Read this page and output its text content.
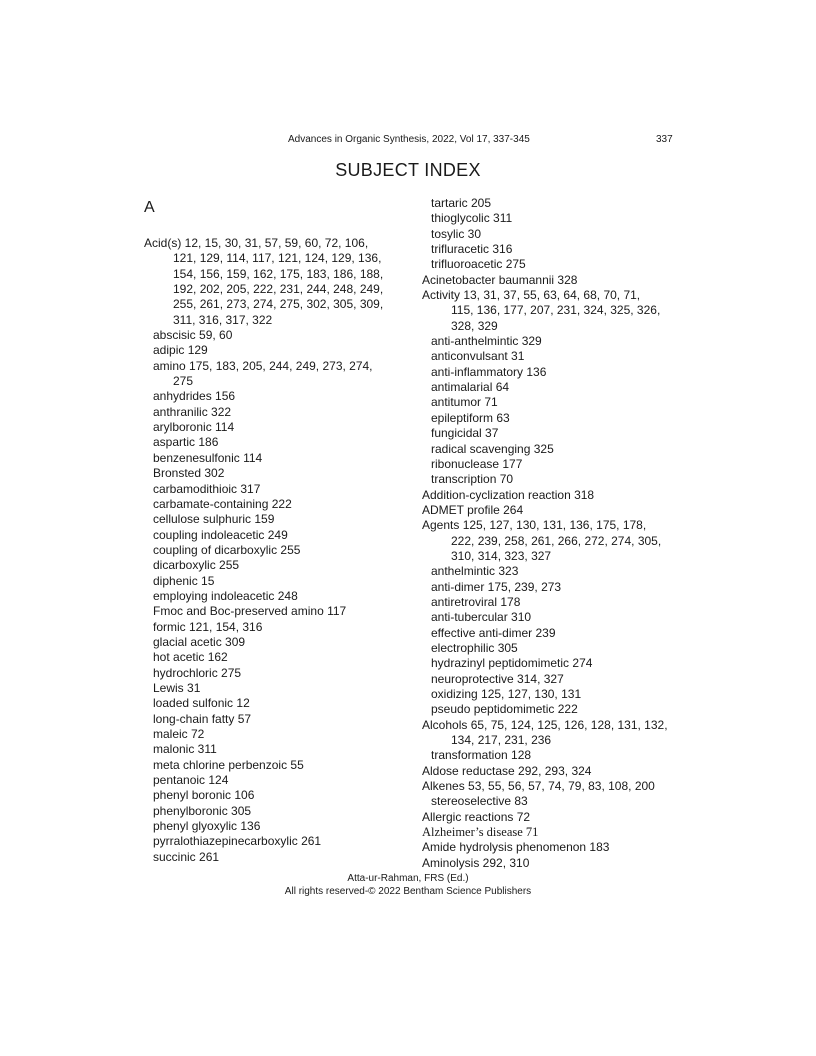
Advances in Organic Synthesis, 2022, Vol 17, 337-345	337
SUBJECT INDEX
A
Acid(s) 12, 15, 30, 31, 57, 59, 60, 72, 106,
121, 129, 114, 117, 121, 124, 129, 136,
154, 156, 159, 162, 175, 183, 186, 188,
192, 202, 205, 222, 231, 244, 248, 249,
255, 261, 273, 274, 275, 302, 305, 309,
311, 316, 317, 322
abscisic 59, 60
adipic 129
amino 175, 183, 205, 244, 249, 273, 274,
275
anhydrides 156
anthranilic 322
arylboronic 114
aspartic 186
benzenesulfonic 114
Bronsted 302
carbamodithioic 317
carbamate-containing 222
cellulose sulphuric 159
coupling indoleacetic 249
coupling of dicarboxylic 255
dicarboxylic 255
diphenic 15
employing indoleacetic 248
Fmoc and Boc-preserved amino 117
formic 121, 154, 316
glacial acetic 309
hot acetic 162
hydrochloric 275
Lewis 31
loaded sulfonic 12
long-chain fatty 57
maleic 72
malonic 311
meta chlorine perbenzoic 55
pentanoic 124
phenyl boronic 106
phenylboronic 305
phenyl glyoxylic 136
pyrralothiazepinecarboxylic 261
succinic 261
tartaric 205
thioglycolic 311
tosylic 30
trifluracetic 316
trifluoroacetic 275
Acinetobacter baumannii 328
Activity 13, 31, 37, 55, 63, 64, 68, 70, 71,
115, 136, 177, 207, 231, 324, 325, 326,
328, 329
anti-anthelmintic 329
anticonvulsant 31
anti-inflammatory 136
antimalarial 64
antitumor 71
epileptiform 63
fungicidal 37
radical scavenging 325
ribonuclease 177
transcription 70
Addition-cyclization reaction 318
ADMET profile 264
Agents 125, 127, 130, 131, 136, 175, 178,
222, 239, 258, 261, 266, 272, 274, 305,
310, 314, 323, 327
anthelmintic 323
anti-dimer 175, 239, 273
antiretroviral 178
anti-tubercular 310
effective anti-dimer 239
electrophilic 305
hydrazinyl peptidomimetic 274
neuroprotective 314, 327
oxidizing 125, 127, 130, 131
pseudo peptidomimetic 222
Alcohols 65, 75, 124, 125, 126, 128, 131, 132,
134, 217, 231, 236
transformation 128
Aldose reductase 292, 293, 324
Alkenes 53, 55, 56, 57, 74, 79, 83, 108, 200
stereoselective 83
Allergic reactions 72
Alzheimer’s disease 71
Amide hydrolysis phenomenon 183
Aminolysis 292, 310
Atta-ur-Rahman, FRS (Ed.)
All rights reserved-© 2022 Bentham Science Publishers
